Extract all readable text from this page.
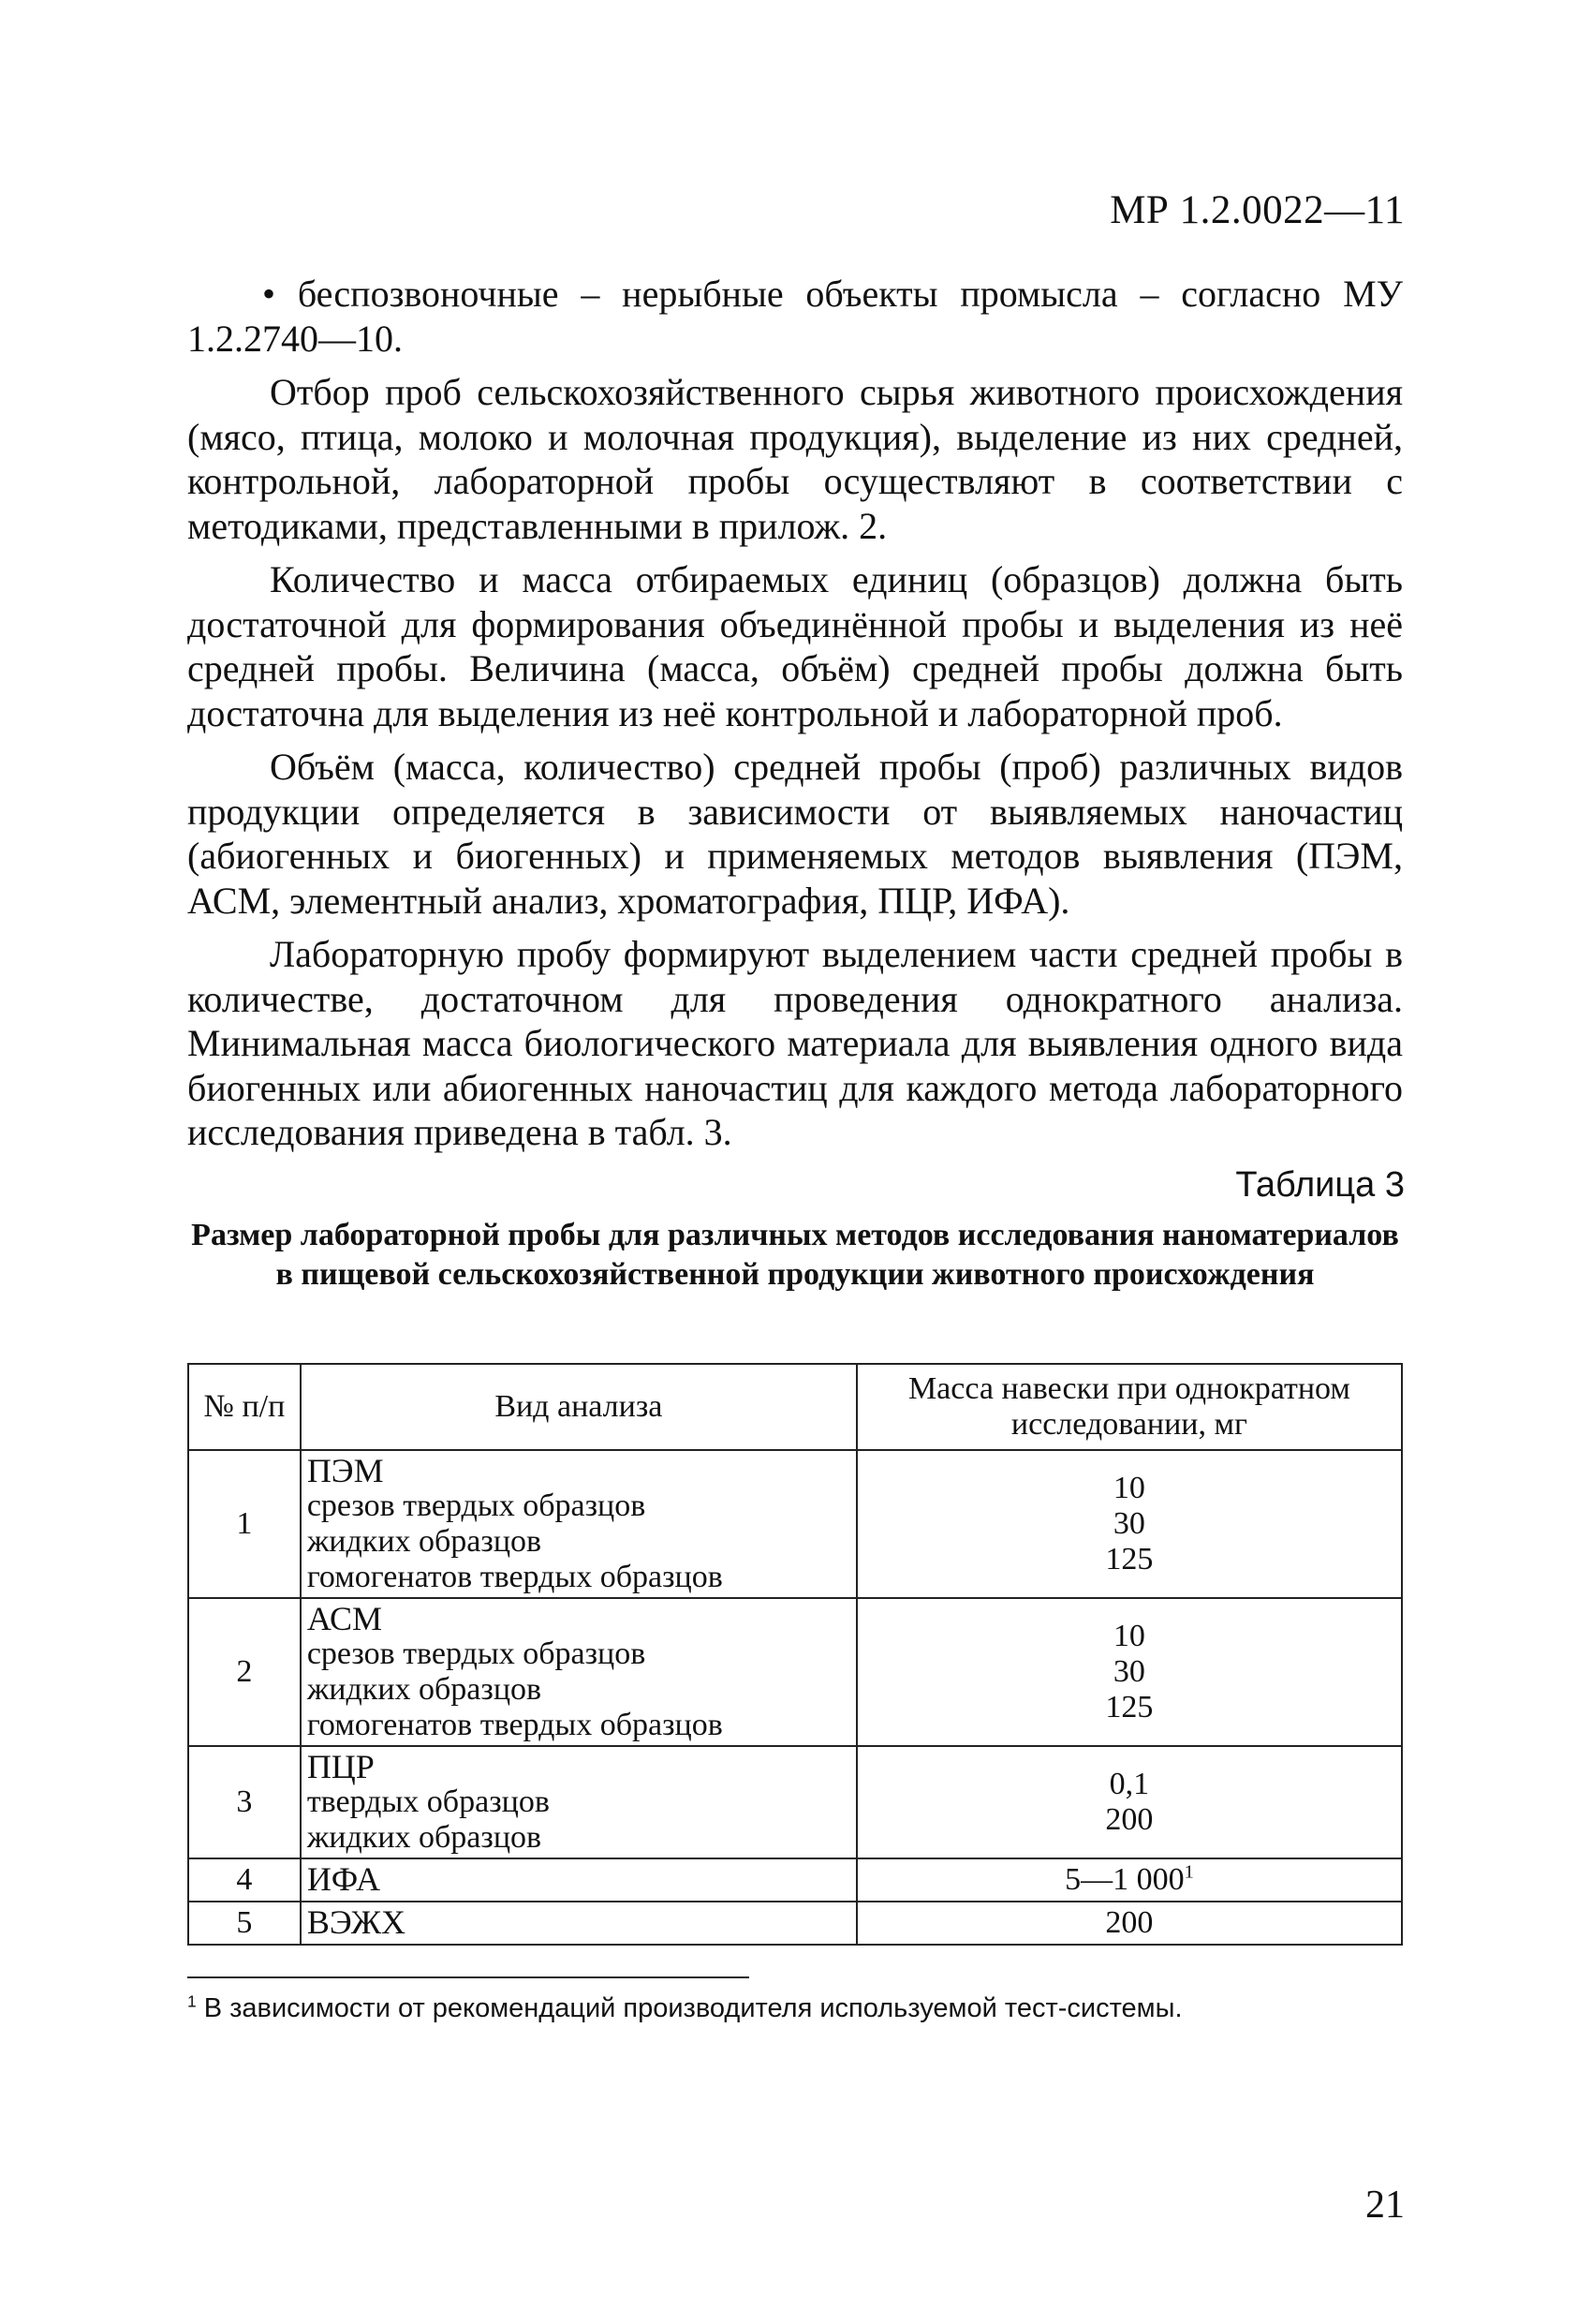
МР 1.2.0022—11

• беспозвоночные – нерыбные объекты промысла – согласно МУ 1.2.2740—10.

Отбор проб сельскохозяйственного сырья животного происхождения (мясо, птица, молоко и молочная продукция), выделение из них средней, контрольной, лабораторной пробы осуществляют в соответствии с методиками, представленными в прилож. 2.

Количество и масса отбираемых единиц (образцов) должна быть достаточной для формирования объединённой пробы и выделения из неё средней пробы. Величина (масса, объём) средней пробы должна быть достаточна для выделения из неё контрольной и лабораторной проб.

Объём (масса, количество) средней пробы (проб) различных видов продукции определяется в зависимости от выявляемых наночастиц (абиогенных и биогенных) и применяемых методов выявления (ПЭМ, АСМ, элементный анализ, хроматография, ПЦР, ИФА).

Лабораторную пробу формируют выделением части средней пробы в количестве, достаточном для проведения однократного анализа. Минимальная масса биологического материала для выявления одного вида биогенных или абиогенных наночастиц для каждого метода лабораторного исследования приведена в табл. 3.

Таблица 3
Размер лабораторной пробы для различных методов исследования наноматериалов в пищевой сельскохозяйственной продукции животного происхождения
№ п/п	Вид анализа	Масса навески при однократном исследовании, мг
1	ПЭМ
срезов твердых образцов
жидких образцов
гомогенатов твердых образцов	10
30
125

2	АСМ
срезов твердых образцов
жидких образцов
гомогенатов твердых образцов	10
30
125

3	ПЦР
твердых образцов
жидких образцов	0,1
200

4	ИФА	5—1 $000^1$
5	ВЭЖХ	200
$^1$ В зависимости от рекомендаций производителя используемой тест-системы.
21
